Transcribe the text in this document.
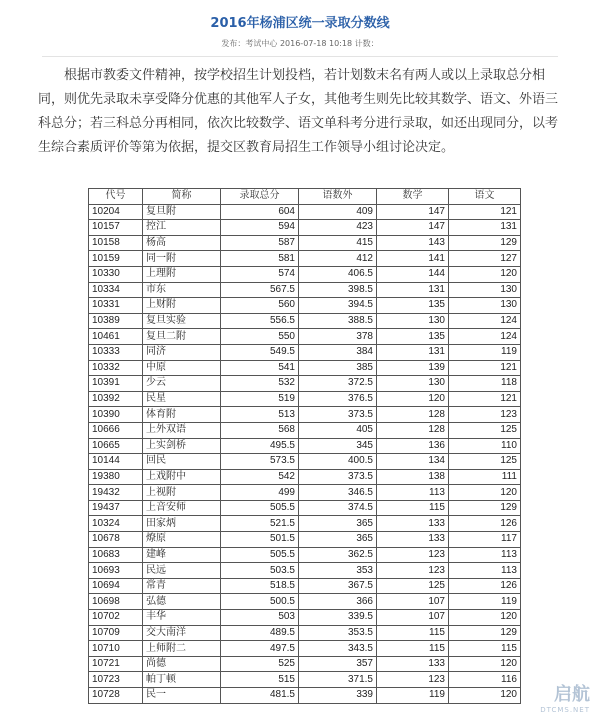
2016年杨浦区统一录取分数线
发布：考试中心 2016-07-18 10:18 计数：
根据市教委文件精神，按学校招生计划投档，若计划数末名有两人或以上录取总分相同，则优先录取未享受降分优惠的其他军人子女，其他考生则先比较其数学、语文、外语三科总分；若三科总分再相同，依次比较数学、语文单科考分进行录取，如还出现同分，以考生综合素质评价等第为依据，提交区教育局招生工作领导小组讨论决定。
代号	简称	录取总分	语数外	数学	语文
10204	复旦附	604	409	147	121
10157	控江	594	423	147	131
10158	杨高	587	415	143	129
10159	同一附	581	412	141	127
10330	上理附	574	406.5	144	120
10334	市东	567.5	398.5	131	130
10331	上财附	560	394.5	135	130
10389	复旦实验	556.5	388.5	130	124
10461	复旦二附	550	378	135	124
10333	同济	549.5	384	131	119
10332	中原	541	385	139	121
10391	少云	532	372.5	130	118
10392	民星	519	376.5	120	121
10390	体育附	513	373.5	128	123
10666	上外双语	568	405	128	125
10665	上实剑桥	495.5	345	136	110
10144	回民	573.5	400.5	134	125
19380	上戏附中	542	373.5	138	111
19432	上视附	499	346.5	113	120
19437	上音安师	505.5	374.5	115	129
10324	田家炳	521.5	365	133	126
10678	燎原	501.5	365	133	117
10683	建峰	505.5	362.5	123	113
10693	民远	503.5	353	123	113
10694	常青	518.5	367.5	125	126
10698	弘德	500.5	366	107	119
10702	丰华	503	339.5	107	120
10709	交大南洋	489.5	353.5	115	129
10710	上师附二	497.5	343.5	115	115
10721	尚德	525	357	133	120
10723	帕丁顿	515	371.5	123	116
10728	民一	481.5	339	119	120	启航
DTCMS.NET
